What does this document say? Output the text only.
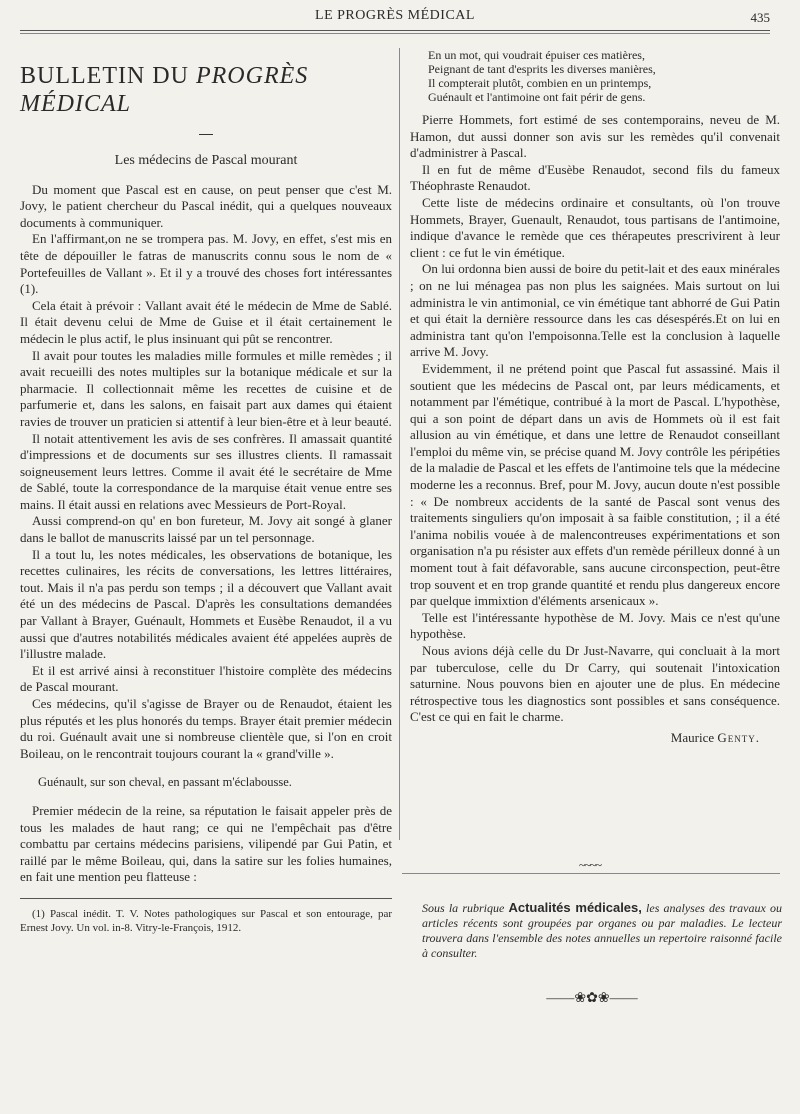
LE PROGRÈS MÉDICAL	435
BULLETIN DU PROGRÈS MÉDICAL
Les médecins de Pascal mourant

Du moment que Pascal est en cause, on peut penser que c'est M. Jovy, le patient chercheur du Pascal inédit, qui a quelques nouveaux documents à communiquer.

En l'affirmant,on ne se trompera pas. M. Jovy, en effet, s'est mis en tête de dépouiller le fatras de manuscrits connu sous le nom de « Portefeuilles de Vallant ». Et il y a trouvé des choses fort intéressantes (1).

Cela était à prévoir : Vallant avait été le médecin de Mme de Sablé. Il était devenu celui de Mme de Guise et il était certainement le médecin le plus actif, le plus insinuant qui pût se rencontrer.

Il avait pour toutes les maladies mille formules et mille remèdes ; il avait recueilli des notes multiples sur la botanique médicale et sur la pharmacie. Il collectionnait même les recettes de cuisine et de parfumerie et, dans les salons, en faisait part aux dames qui étaient ravies de trouver un praticien si attentif à leur bien-être et à leur beauté.

Il notait attentivement les avis de ses confrères. Il amassait quantité d'impressions et de documents sur ses illustres clients. Il ramassait soigneusement leurs lettres. Comme il avait été le secrétaire de Mme de Sablé, toute la correspondance de la marquise était venue entre ses mains. Il était aussi en relations avec Messieurs de Port-Royal.

Aussi comprend-on qu' en bon fureteur, M. Jovy ait songé à glaner dans le ballot de manuscrits laissé par un tel personnage.

Il a tout lu, les notes médicales, les observations de botanique, les recettes culinaires, les récits de conversations, les lettres littéraires, tout. Mais il n'a pas perdu son temps ; il a découvert que Vallant avait été un des médecins de Pascal. D'après les consultations demandées par Vallant à Brayer, Guénault, Hommets et Eusèbe Renaudot, il a vu aussi que d'autres notabilités médicales avaient été appelées auprès de l'illustre malade.

Et il est arrivé ainsi à reconstituer l'histoire complète des médecins de Pascal mourant.

Ces médecins, qu'il s'agisse de Brayer ou de Renaudot, étaient les plus réputés et les plus honorés du temps. Brayer était premier médecin du roi. Guénault avait une si nombreuse clientèle que, si l'on en croit Boileau, on le rencontrait toujours courant la « grand'ville ».

Guénault, sur son cheval, en passant m'éclabousse.

Premier médecin de la reine, sa réputation le faisait appeler près de tous les malades de haut rang; ce qui ne l'empêchait pas d'être combattu par certains médecins parisiens, vilipendé par Gui Patin, et raillé par le même Boileau, qui, dans la satire sur les folies humaines, en fait une mention peu flatteuse :

(1) Pascal inédit. T. V. Notes pathologiques sur Pascal et son entourage, par Ernest Jovy. Un vol. in-8. Vitry-le-François, 1912.

En un mot, qui voudrait épuiser ces matières,
Peignant de tant d'esprits les diverses manières,
Il compterait plutôt, combien en un printemps,
Guénault et l'antimoine ont fait périr de gens.

Pierre Hommets, fort estimé de ses contemporains, neveu de M. Hamon, dut aussi donner son avis sur les remèdes qu'il convenait d'administrer à Pascal.

Il en fut de même d'Eusèbe Renaudot, second fils du fameux Théophraste Renaudot.

Cette liste de médecins ordinaire et consultants, où l'on trouve Hommets, Brayer, Guenault, Renaudot, tous partisans de l'antimoine, indique d'avance le remède que ces thérapeutes prescrivirent à leur client : ce fut le vin émétique.

On lui ordonna bien aussi de boire du petit-lait et des eaux minérales ; on ne lui ménagea pas non plus les saignées. Mais surtout on lui administra le vin antimonial, ce vin émétique tant abhorré de Gui Patin et qui était la dernière ressource dans les cas désespérés.Et on lui en administra tant qu'on l'empoisonna.Telle est la conclusion à laquelle arrive M. Jovy.

Evidemment, il ne prétend point que Pascal fut assassiné. Mais il soutient que les médecins de Pascal ont, par leurs médicaments, et notamment par l'émétique, contribué à la mort de Pascal. L'hypothèse, qui a son point de départ dans un avis de Hommets où il est fait allusion au vin émétique, et dans une lettre de Renaudot conseillant l'emploi du même vin, se précise quand M. Jovy contrôle les péripéties de la maladie de Pascal et les effets de l'antimoine tels que la médecine moderne les a reconnus. Bref, pour M. Jovy, aucun doute n'est possible : « De nombreux accidents de la santé de Pascal sont venus des traitements singuliers qu'on imposait à sa faible constitution, ; il a été l'anima nobilis vouée à de malencontreuses expérimentations et son organisation n'a pu résister aux effets d'un remède périlleux donné à un moment tout à fait défavorable, sans aucune circonspection, peut-être trop souvent et en trop grande quantité et rendu plus dangereux encore par quelque immixtion d'éléments arsenicaux ».

Telle est l'intéressante hypothèse de M. Jovy. Mais ce n'est qu'une hypothèse.

Nous avions déjà celle du Dr Just-Navarre, qui concluait à la mort par tuberculose, celle du Dr Carry, qui soutenait l'intoxication saturnine. Nous pouvons bien en ajouter une de plus. En médecine rétrospective tous les diagnostics sont possibles et sans conséquence. C'est ce qui en fait le charme.

Maurice Genty.
~~~~
Sous la rubrique Actualités médicales, les analyses des travaux ou articles récents sont groupées par organes ou par maladies. Le lecteur trouvera dans l'ensemble des notes annuelles un repertoire raisonné facile à consulter.
——❀✿❀——
